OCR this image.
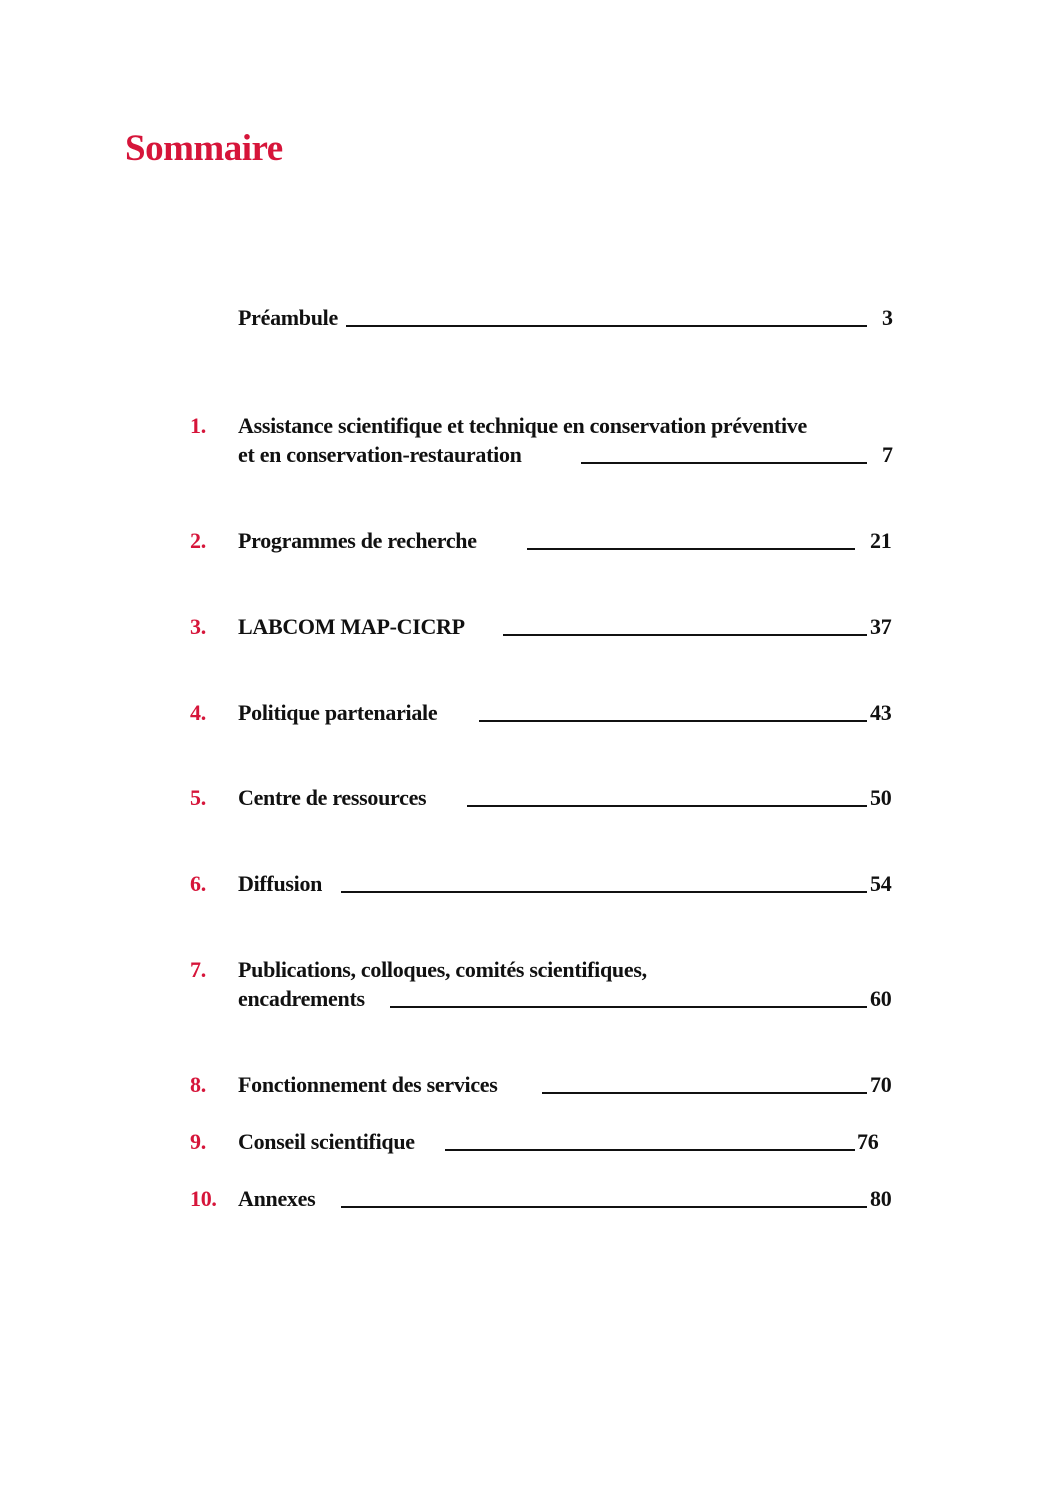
Sommaire
Préambule	3
1. Assistance scientifique et technique en conservation préventive
et en conservation-restauration	7
2. Programmes de recherche	21
3. LABCOM MAP-CICRP	37
4. Politique partenariale	43
5. Centre de ressources	50
6. Diffusion	54
7. Publications, colloques, comités scientifiques,
encadrements	60
8. Fonctionnement des services	70
9. Conseil scientifique	76
10. Annexes	80
